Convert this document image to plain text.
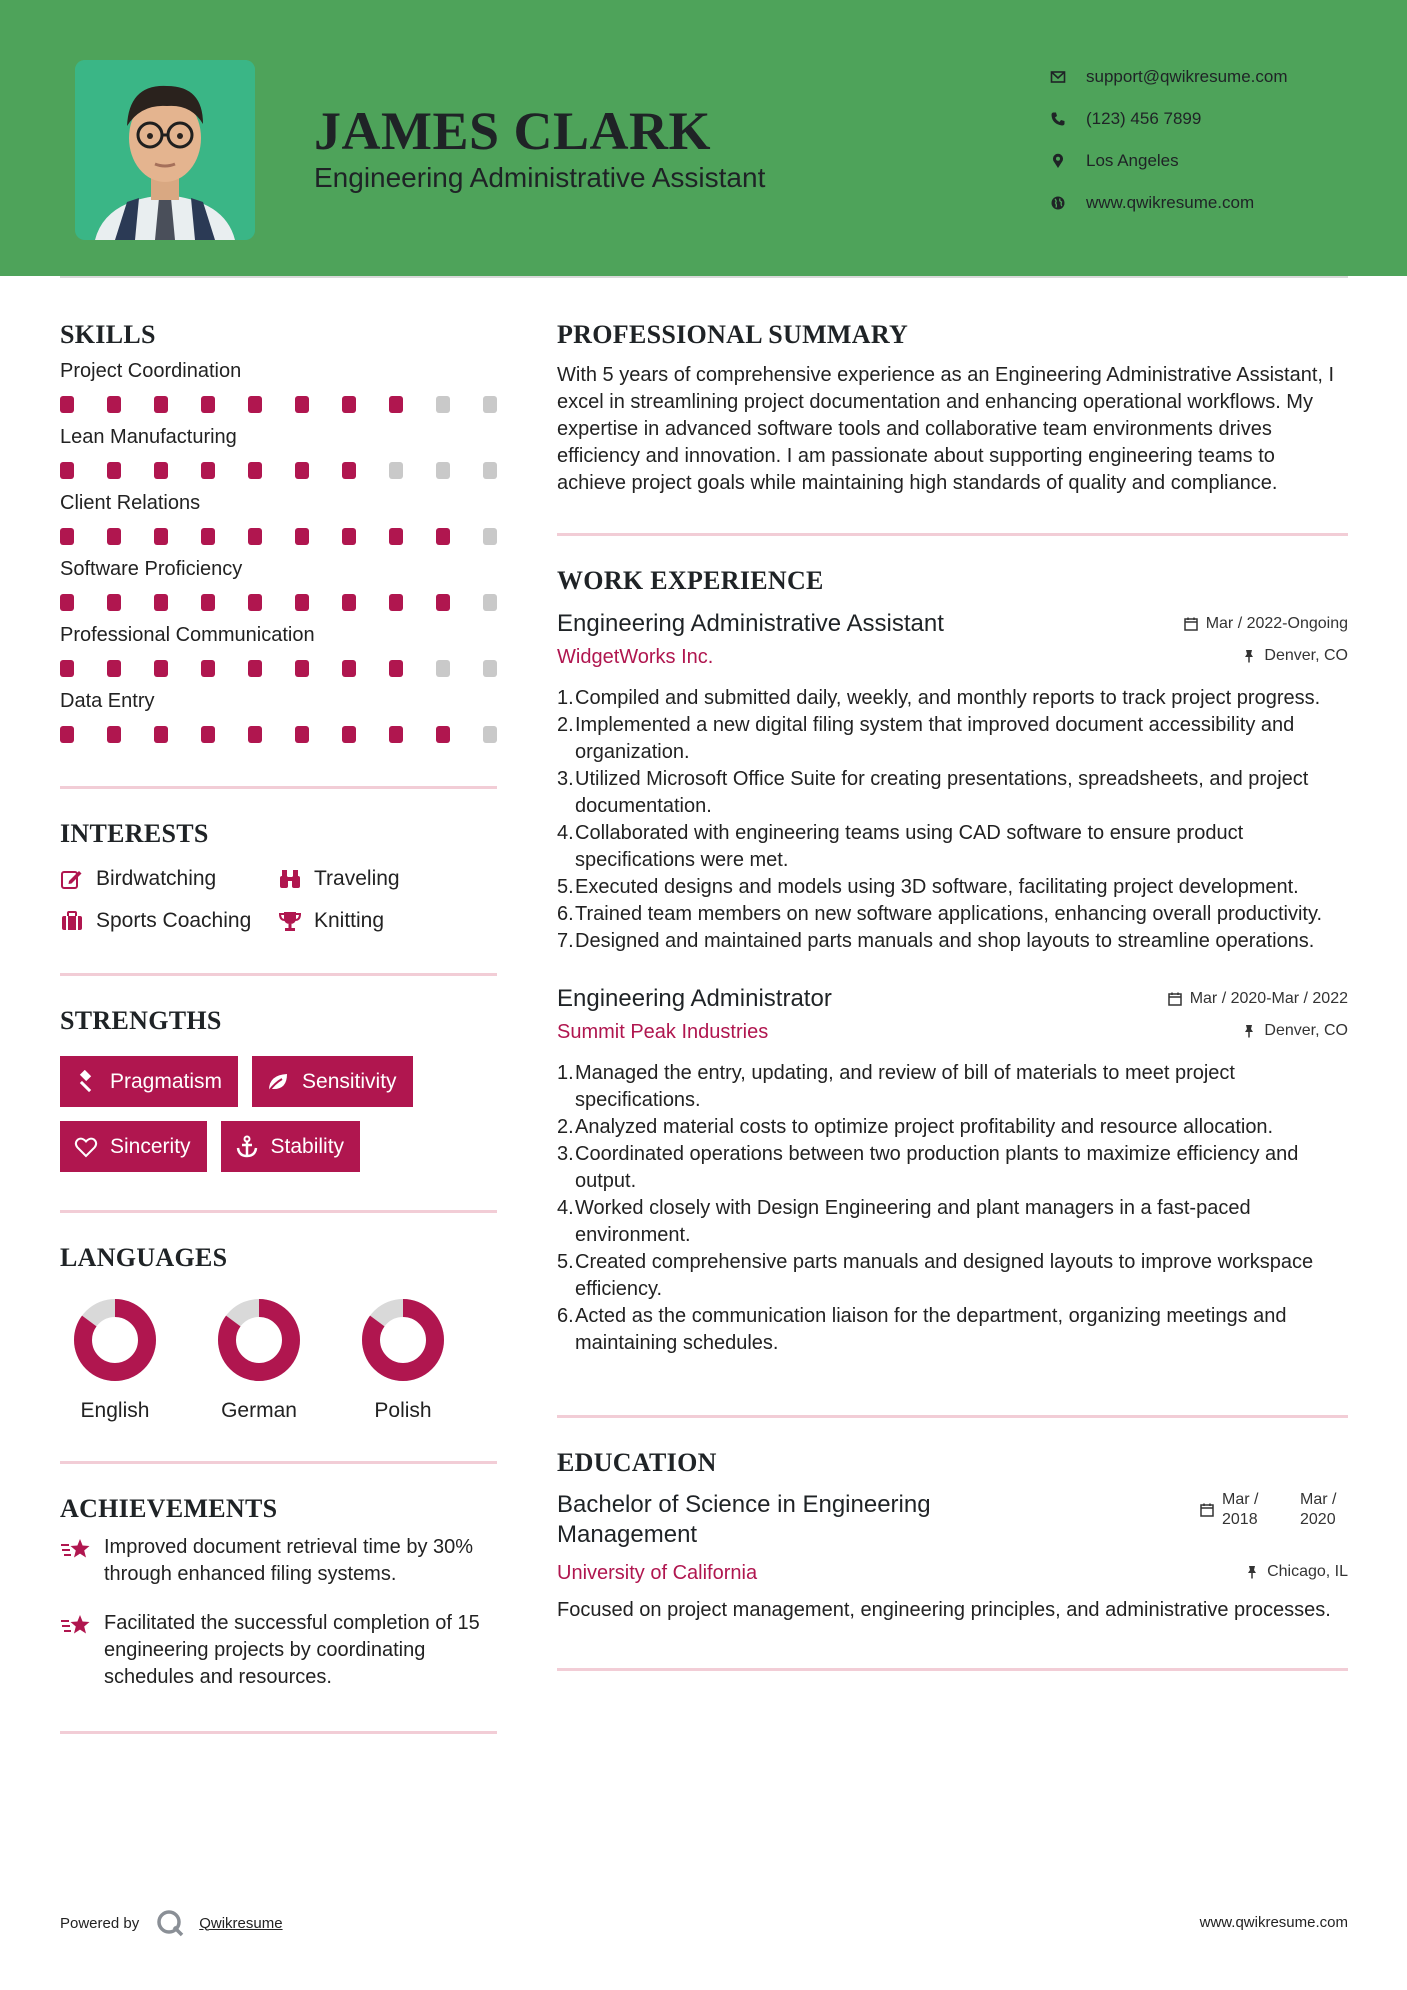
JAMES CLARK
Engineering Administrative Assistant
support@qwikresume.com
(123) 456 7899
Los Angeles
www.qwikresume.com
SKILLS
Project Coordination
Lean Manufacturing
Client Relations
Software Proficiency
Professional Communication
Data Entry
INTERESTS
Birdwatching	Traveling
Sports Coaching	Knitting
STRENGTHS
Pragmatism	Sensitivity
Sincerity	Stability
LANGUAGES
English	German	Polish
ACHIEVEMENTS
Improved document retrieval time by 30% through enhanced filing systems.
Facilitated the successful completion of 15 engineering projects by coordinating schedules and resources.
PROFESSIONAL SUMMARY
With 5 years of comprehensive experience as an Engineering Administrative Assistant, I excel in streamlining project documentation and enhancing operational workflows. My expertise in advanced software tools and collaborative team environments drives efficiency and innovation. I am passionate about supporting engineering teams to achieve project goals while maintaining high standards of quality and compliance.
WORK EXPERIENCE
Engineering Administrative Assistant	Mar / 2022-Ongoing
WidgetWorks Inc.	Denver, CO
1. Compiled and submitted daily, weekly, and monthly reports to track project progress.
2. Implemented a new digital filing system that improved document accessibility and organization.
3. Utilized Microsoft Office Suite for creating presentations, spreadsheets, and project documentation.
4. Collaborated with engineering teams using CAD software to ensure product specifications were met.
5. Executed designs and models using 3D software, facilitating project development.
6. Trained team members on new software applications, enhancing overall productivity.
7. Designed and maintained parts manuals and shop layouts to streamline operations.
Engineering Administrator	Mar / 2020-Mar / 2022
Summit Peak Industries	Denver, CO
1. Managed the entry, updating, and review of bill of materials to meet project specifications.
2. Analyzed material costs to optimize project profitability and resource allocation.
3. Coordinated operations between two production plants to maximize efficiency and output.
4. Worked closely with Design Engineering and plant managers in a fast-paced environment.
5. Created comprehensive parts manuals and designed layouts to improve workspace efficiency.
6. Acted as the communication liaison for the department, organizing meetings and maintaining schedules.
EDUCATION
Bachelor of Science in Engineering Management
Mar / 2018
Mar / 2020
University of California	Chicago, IL
Focused on project management, engineering principles, and administrative processes.
Powered by	Qwikresume	www.qwikresume.com
